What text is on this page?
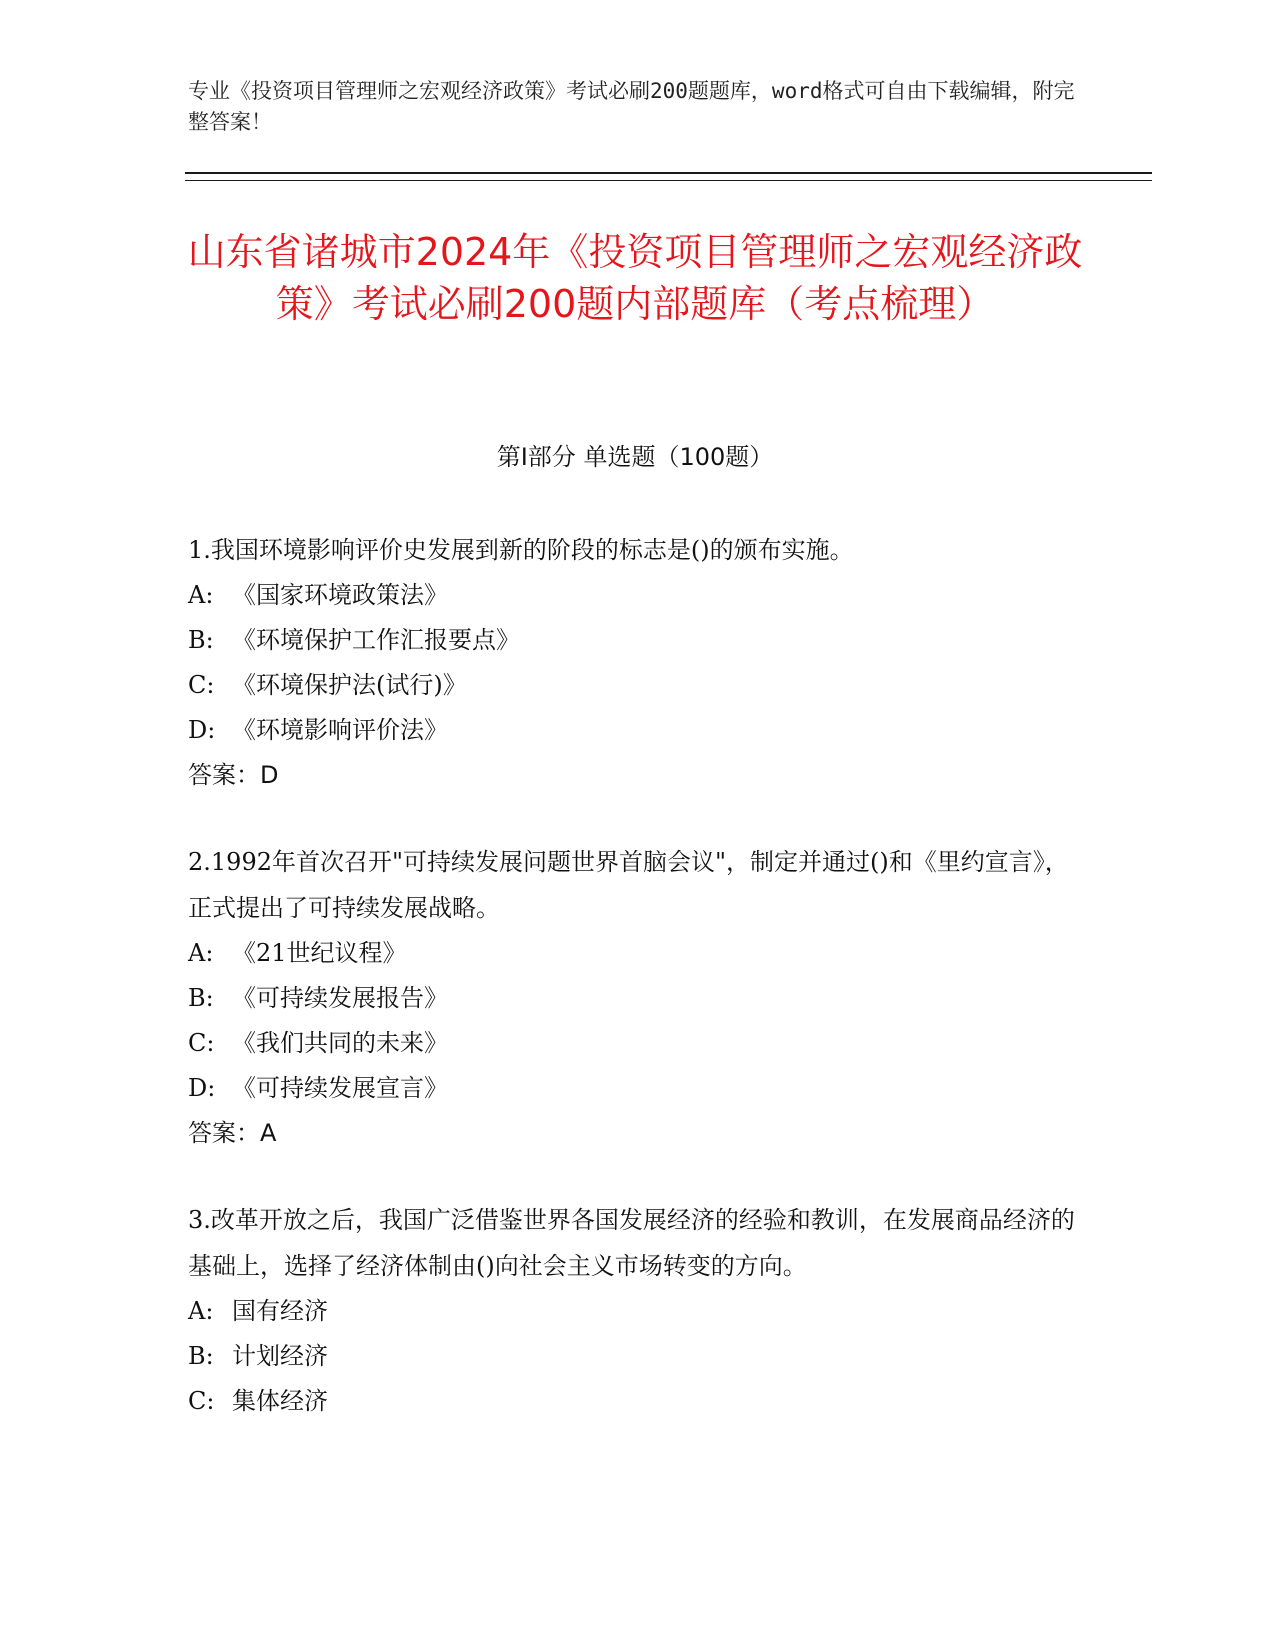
专业《投资项目管理师之宏观经济政策》考试必刷200题题库，word格式可自由下载编辑，附完整答案！

山东省诸城市2024年《投资项目管理师之宏观经济政策》考试必刷200题内部题库（考点梳理）
第I部分 单选题（100题）

1.我国环境影响评价史发展到新的阶段的标志是()的颁布实施。

A: 《国家环境政策法》

B: 《环境保护工作汇报要点》

C: 《环境保护法(试行)》

D: 《环境影响评价法》

答案：D

2.1992年首次召开"可持续发展问题世界首脑会议"，制定并通过()和《里约宣言》，正式提出了可持续发展战略。

A: 《21世纪议程》

B: 《可持续发展报告》

C: 《我们共同的未来》

D: 《可持续发展宣言》

答案：A

3.改革开放之后，我国广泛借鉴世界各国发展经济的经验和教训，在发展商品经济的基础上，选择了经济体制由()向社会主义市场转变的方向。

A: 国有经济

B: 计划经济

C: 集体经济
